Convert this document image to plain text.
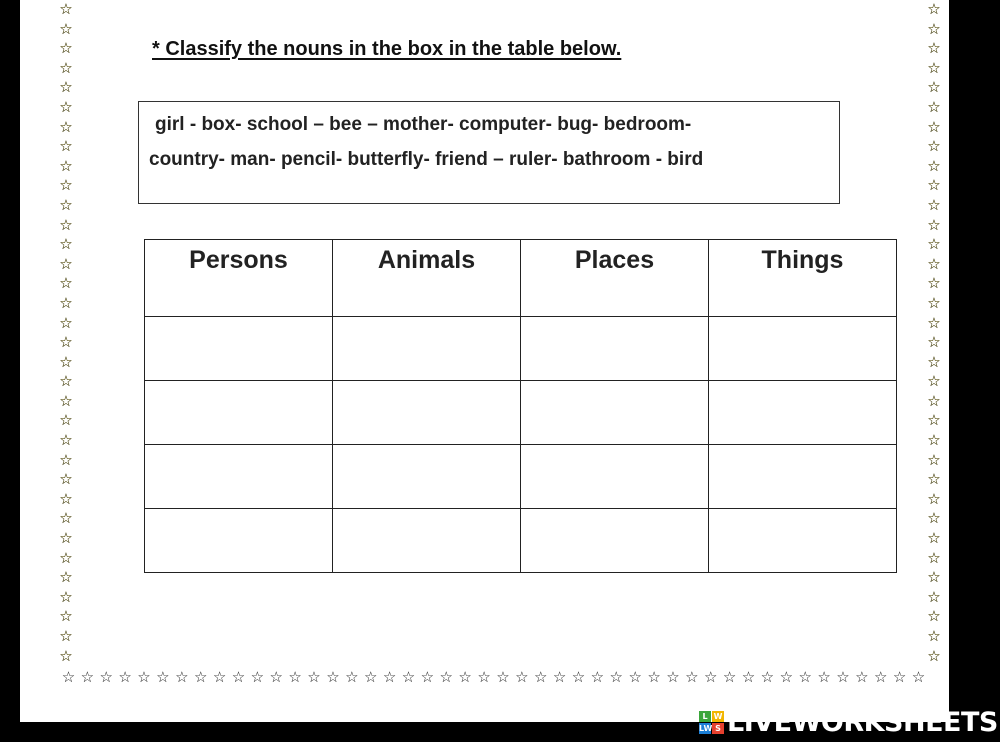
☆
☆
☆
☆
☆
☆
☆
☆
☆
☆
☆
☆
☆
☆
☆
☆
☆
☆
☆
☆
☆
☆
☆
☆
☆
☆
☆
☆
☆
☆
☆
☆
☆
☆
☆
☆
☆
☆
☆
☆
☆
☆
☆
☆
☆
☆
☆
☆
☆
☆
☆
☆
☆
☆
☆
☆
☆
☆
☆
☆
☆
☆
☆
☆
☆
☆
☆
☆
☆ ☆ ☆ ☆ ☆ ☆ ☆ ☆ ☆ ☆ ☆ ☆ ☆ ☆ ☆ ☆ ☆ ☆ ☆ ☆ ☆ ☆ ☆ ☆ ☆ ☆ ☆ ☆ ☆ ☆ ☆ ☆ ☆ ☆ ☆ ☆ ☆ ☆ ☆ ☆ ☆ ☆ ☆ ☆ ☆ ☆
* Classify the nouns in the box in the table below.
girl - box- school – bee – mother- computer- bug- bedroom-
country- man- pencil- butterfly- friend – ruler- bathroom - bird
Persons	Animals	Places	Things

L W
LW S LIVEWORKSHEETS
